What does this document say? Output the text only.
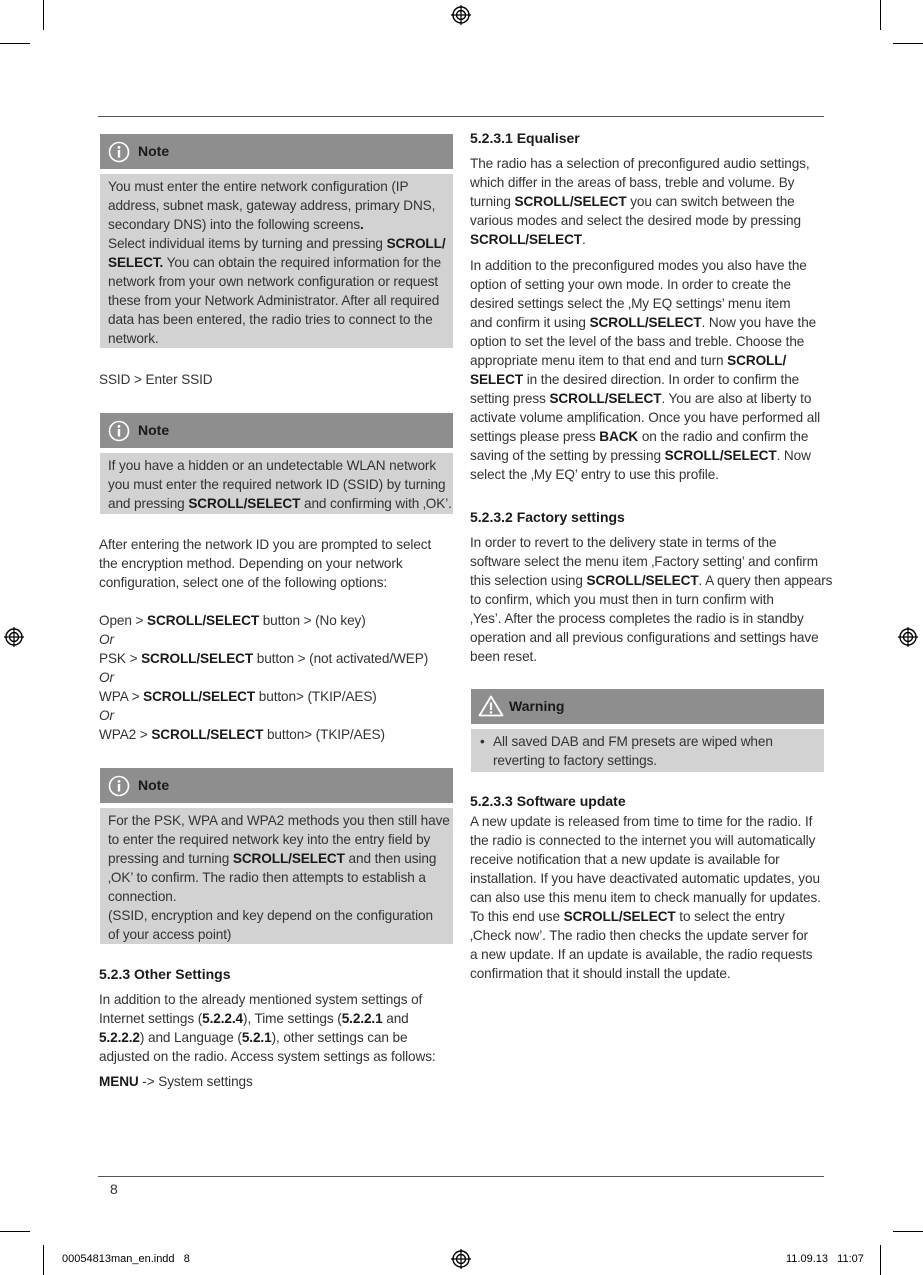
8
00054813man_en.indd   8	11.09.13   11:07
Note
You must enter the entire network configuration (IP
address, subnet mask, gateway address, primary DNS,
secondary DNS) into the following screens.
Select individual items by turning and pressing SCROLL/
SELECT. You can obtain the required information for the
network from your own network configuration or request
these from your Network Administrator. After all required
data has been entered, the radio tries to connect to the
network.
SSID > Enter SSID
Note
If you have a hidden or an undetectable WLAN network
you must enter the required network ID (SSID) by turning
and pressing SCROLL/SELECT and confirming with ‚OK’.
After entering the network ID you are prompted to select
the encryption method. Depending on your network
configuration, select one of the following options:
Open > SCROLL/SELECT button > (No key)
Or
PSK > SCROLL/SELECT button > (not activated/WEP)
Or
WPA > SCROLL/SELECT button> (TKIP/AES)
Or
WPA2 > SCROLL/SELECT button> (TKIP/AES)
Note
For the PSK, WPA and WPA2 methods you then still have
to enter the required network key into the entry field by
pressing and turning SCROLL/SELECT and then using
‚OK’ to confirm. The radio then attempts to establish a
connection.
(SSID, encryption and key depend on the configuration
of your access point)
5.2.3 Other Settings
In addition to the already mentioned system settings of
Internet settings (5.2.2.4), Time settings (5.2.2.1 and
5.2.2.2) and Language (5.2.1), other settings can be
adjusted on the radio. Access system settings as follows:
MENU -> System settings
5.2.3.1 Equaliser
The radio has a selection of preconfigured audio settings,
which differ in the areas of bass, treble and volume. By
turning SCROLL/SELECT you can switch between the
various modes and select the desired mode by pressing
SCROLL/SELECT.
In addition to the preconfigured modes you also have the
option of setting your own mode. In order to create the
desired settings select the ‚My EQ settings’ menu item
and confirm it using SCROLL/SELECT. Now you have the
option to set the level of the bass and treble. Choose the
appropriate menu item to that end and turn SCROLL/
SELECT in the desired direction. In order to confirm the
setting press SCROLL/SELECT. You are also at liberty to
activate volume amplification. Once you have performed all
settings please press BACK on the radio and confirm the
saving of the setting by pressing SCROLL/SELECT. Now
select the ‚My EQ’ entry to use this profile.
5.2.3.2 Factory settings
In order to revert to the delivery state in terms of the
software select the menu item ‚Factory setting’ and confirm
this selection using SCROLL/SELECT. A query then appears
to confirm, which you must then in turn confirm with
‚Yes’. After the process completes the radio is in standby
operation and all previous configurations and settings have
been reset.
Warning
• All saved DAB and FM presets are wiped when
reverting to factory settings.
5.2.3.3 Software update
A new update is released from time to time for the radio. If
the radio is connected to the internet you will automatically
receive notification that a new update is available for
installation. If you have deactivated automatic updates, you
can also use this menu item to check manually for updates.
To this end use SCROLL/SELECT to select the entry
‚Check now’. The radio then checks the update server for
a new update. If an update is available, the radio requests
confirmation that it should install the update.
